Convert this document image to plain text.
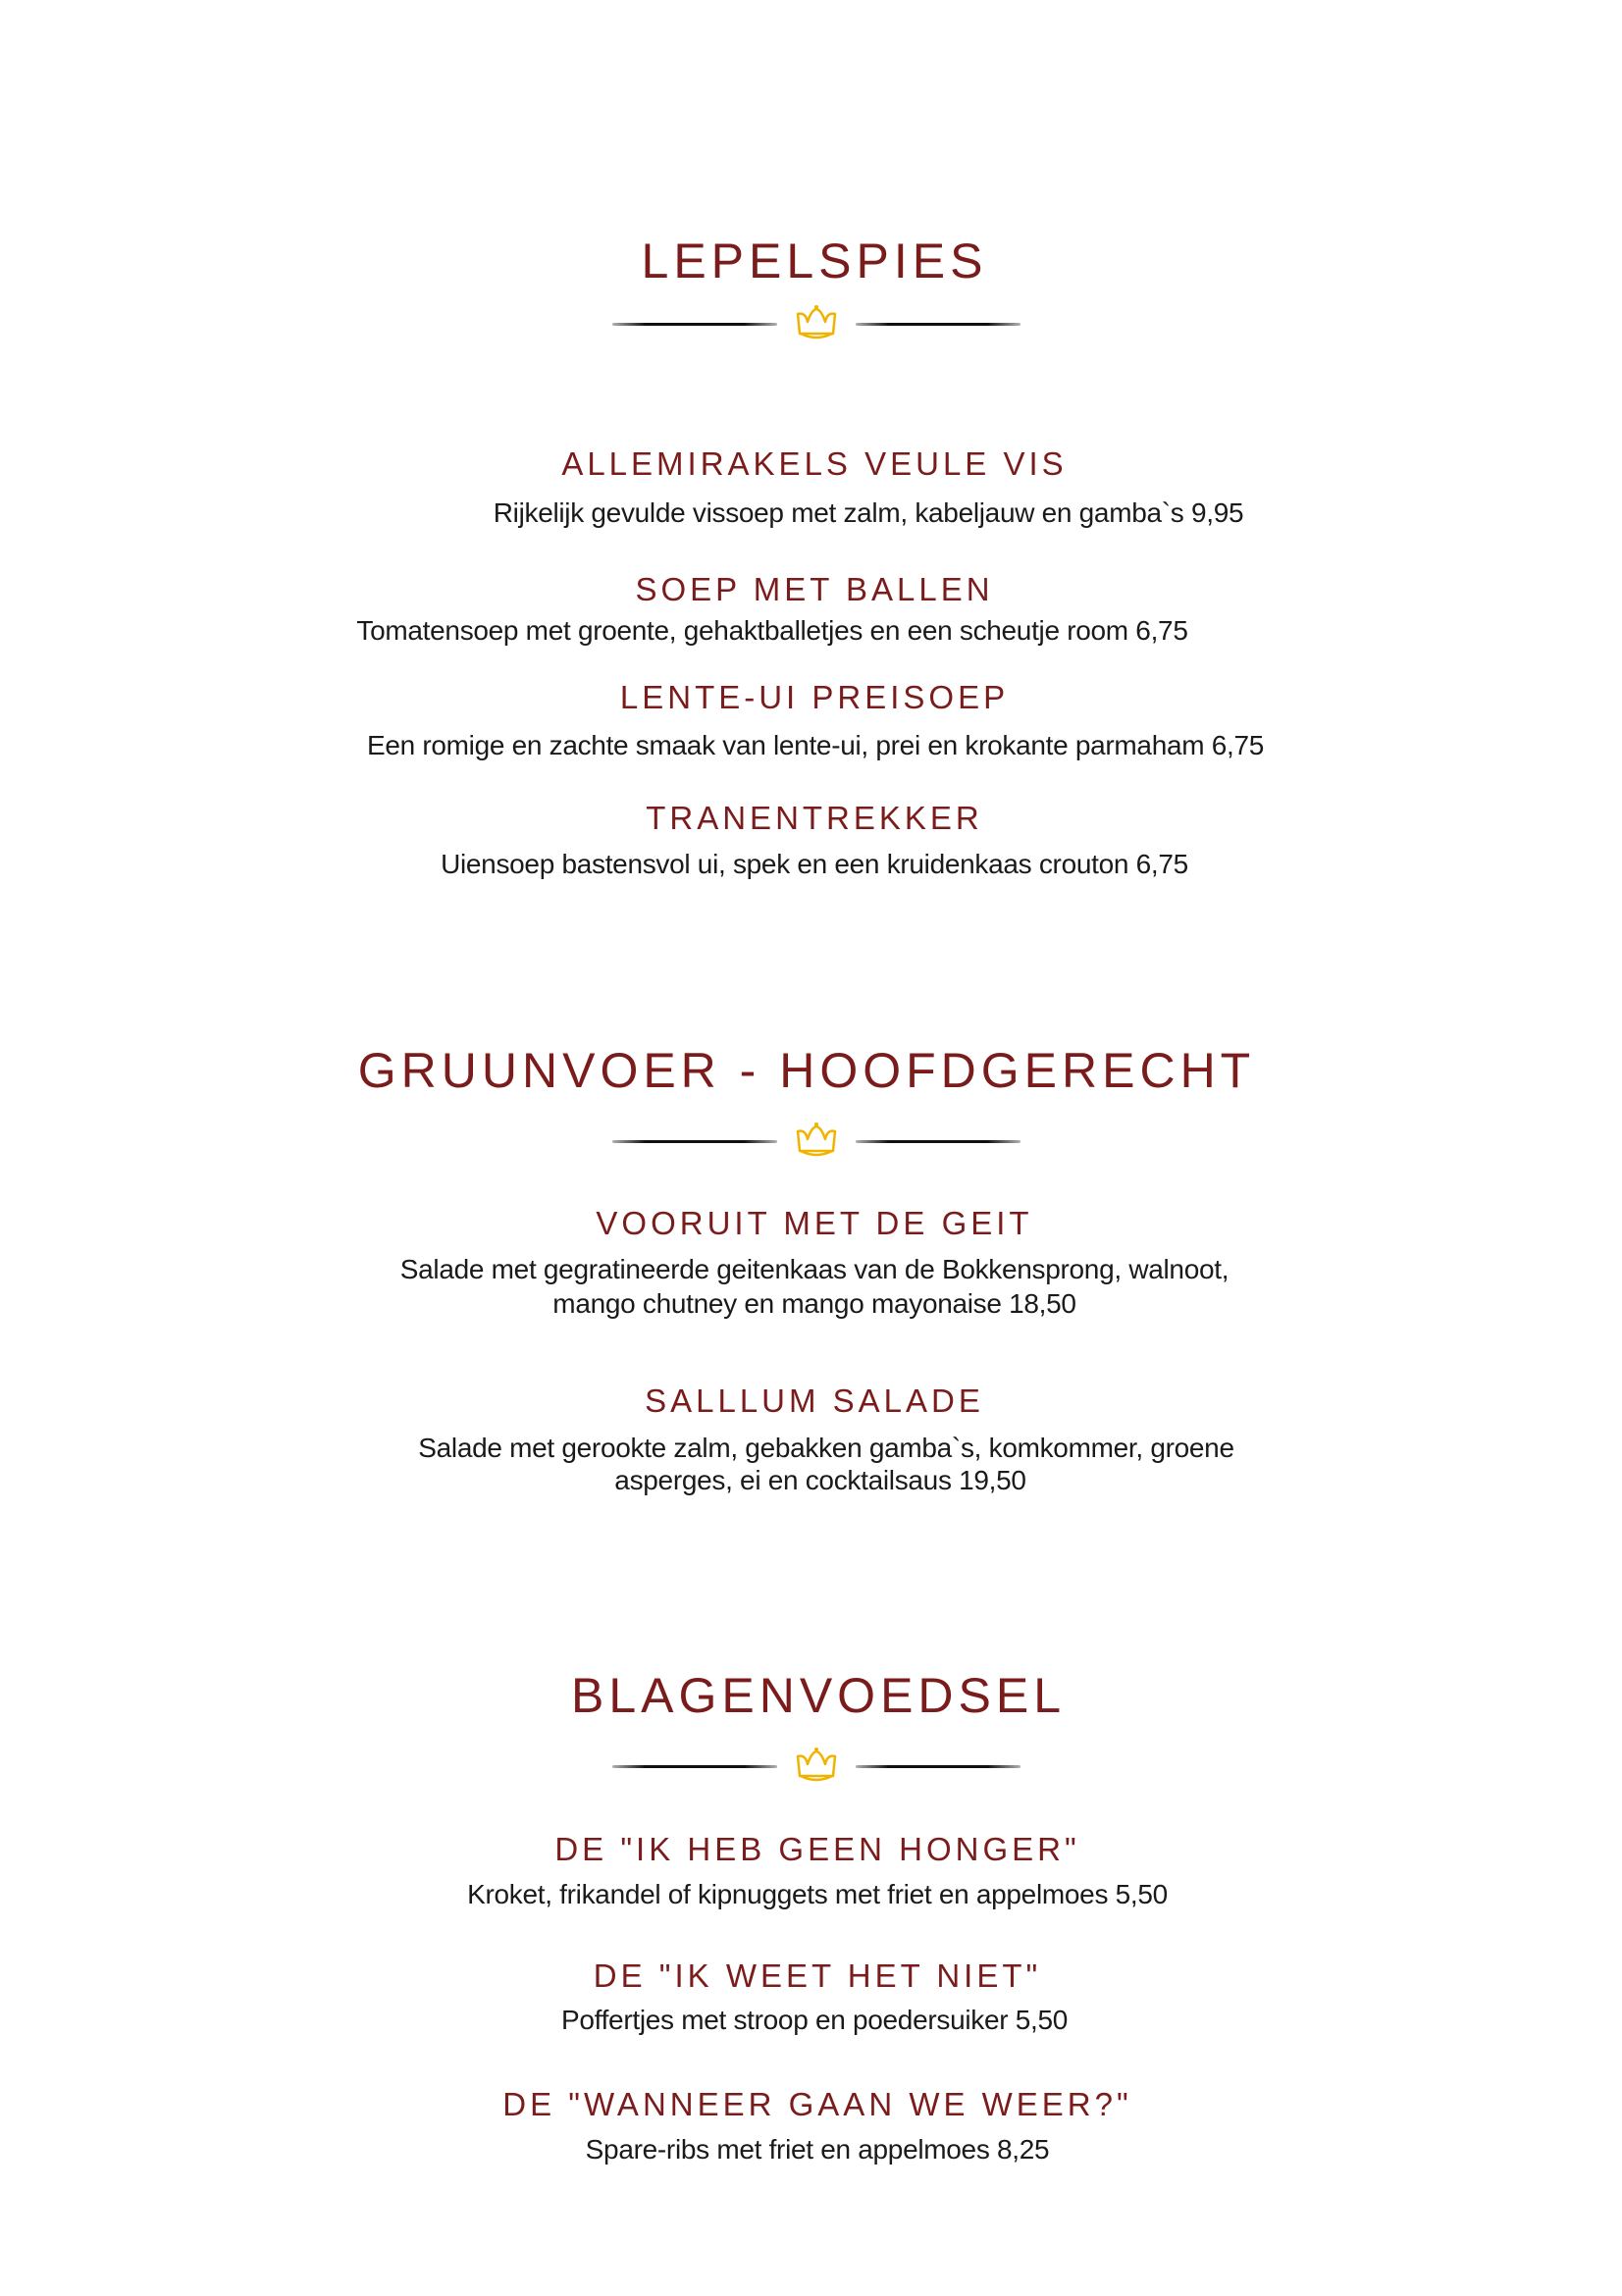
LEPELSPIES
ALLEMIRAKELS VEULE VIS
Rijkelijk gevulde vissoep met zalm, kabeljauw en gamba`s 9,95
SOEP MET BALLEN
Tomatensoep met groente, gehaktballetjes en een scheutje room 6,75
LENTE-UI PREISOEP
Een romige en zachte smaak van lente-ui, prei en krokante parmaham 6,75
TRANENTREKKER
Uiensoep bastensvol ui, spek en een kruidenkaas crouton 6,75
GRUUNVOER - HOOFDGERECHT
VOORUIT MET DE GEIT
Salade met gegratineerde geitenkaas van de Bokkensprong, walnoot,
mango chutney en mango mayonaise 18,50
SALLLUM SALADE
Salade met gerookte zalm, gebakken gamba`s, komkommer, groene
asperges, ei en cocktailsaus 19,50
BLAGENVOEDSEL
DE "IK HEB GEEN HONGER"
Kroket, frikandel of kipnuggets met friet en appelmoes 5,50
DE "IK WEET HET NIET"
Poffertjes met stroop en poedersuiker 5,50
DE "WANNEER GAAN WE WEER?"
Spare-ribs met friet en appelmoes 8,25
